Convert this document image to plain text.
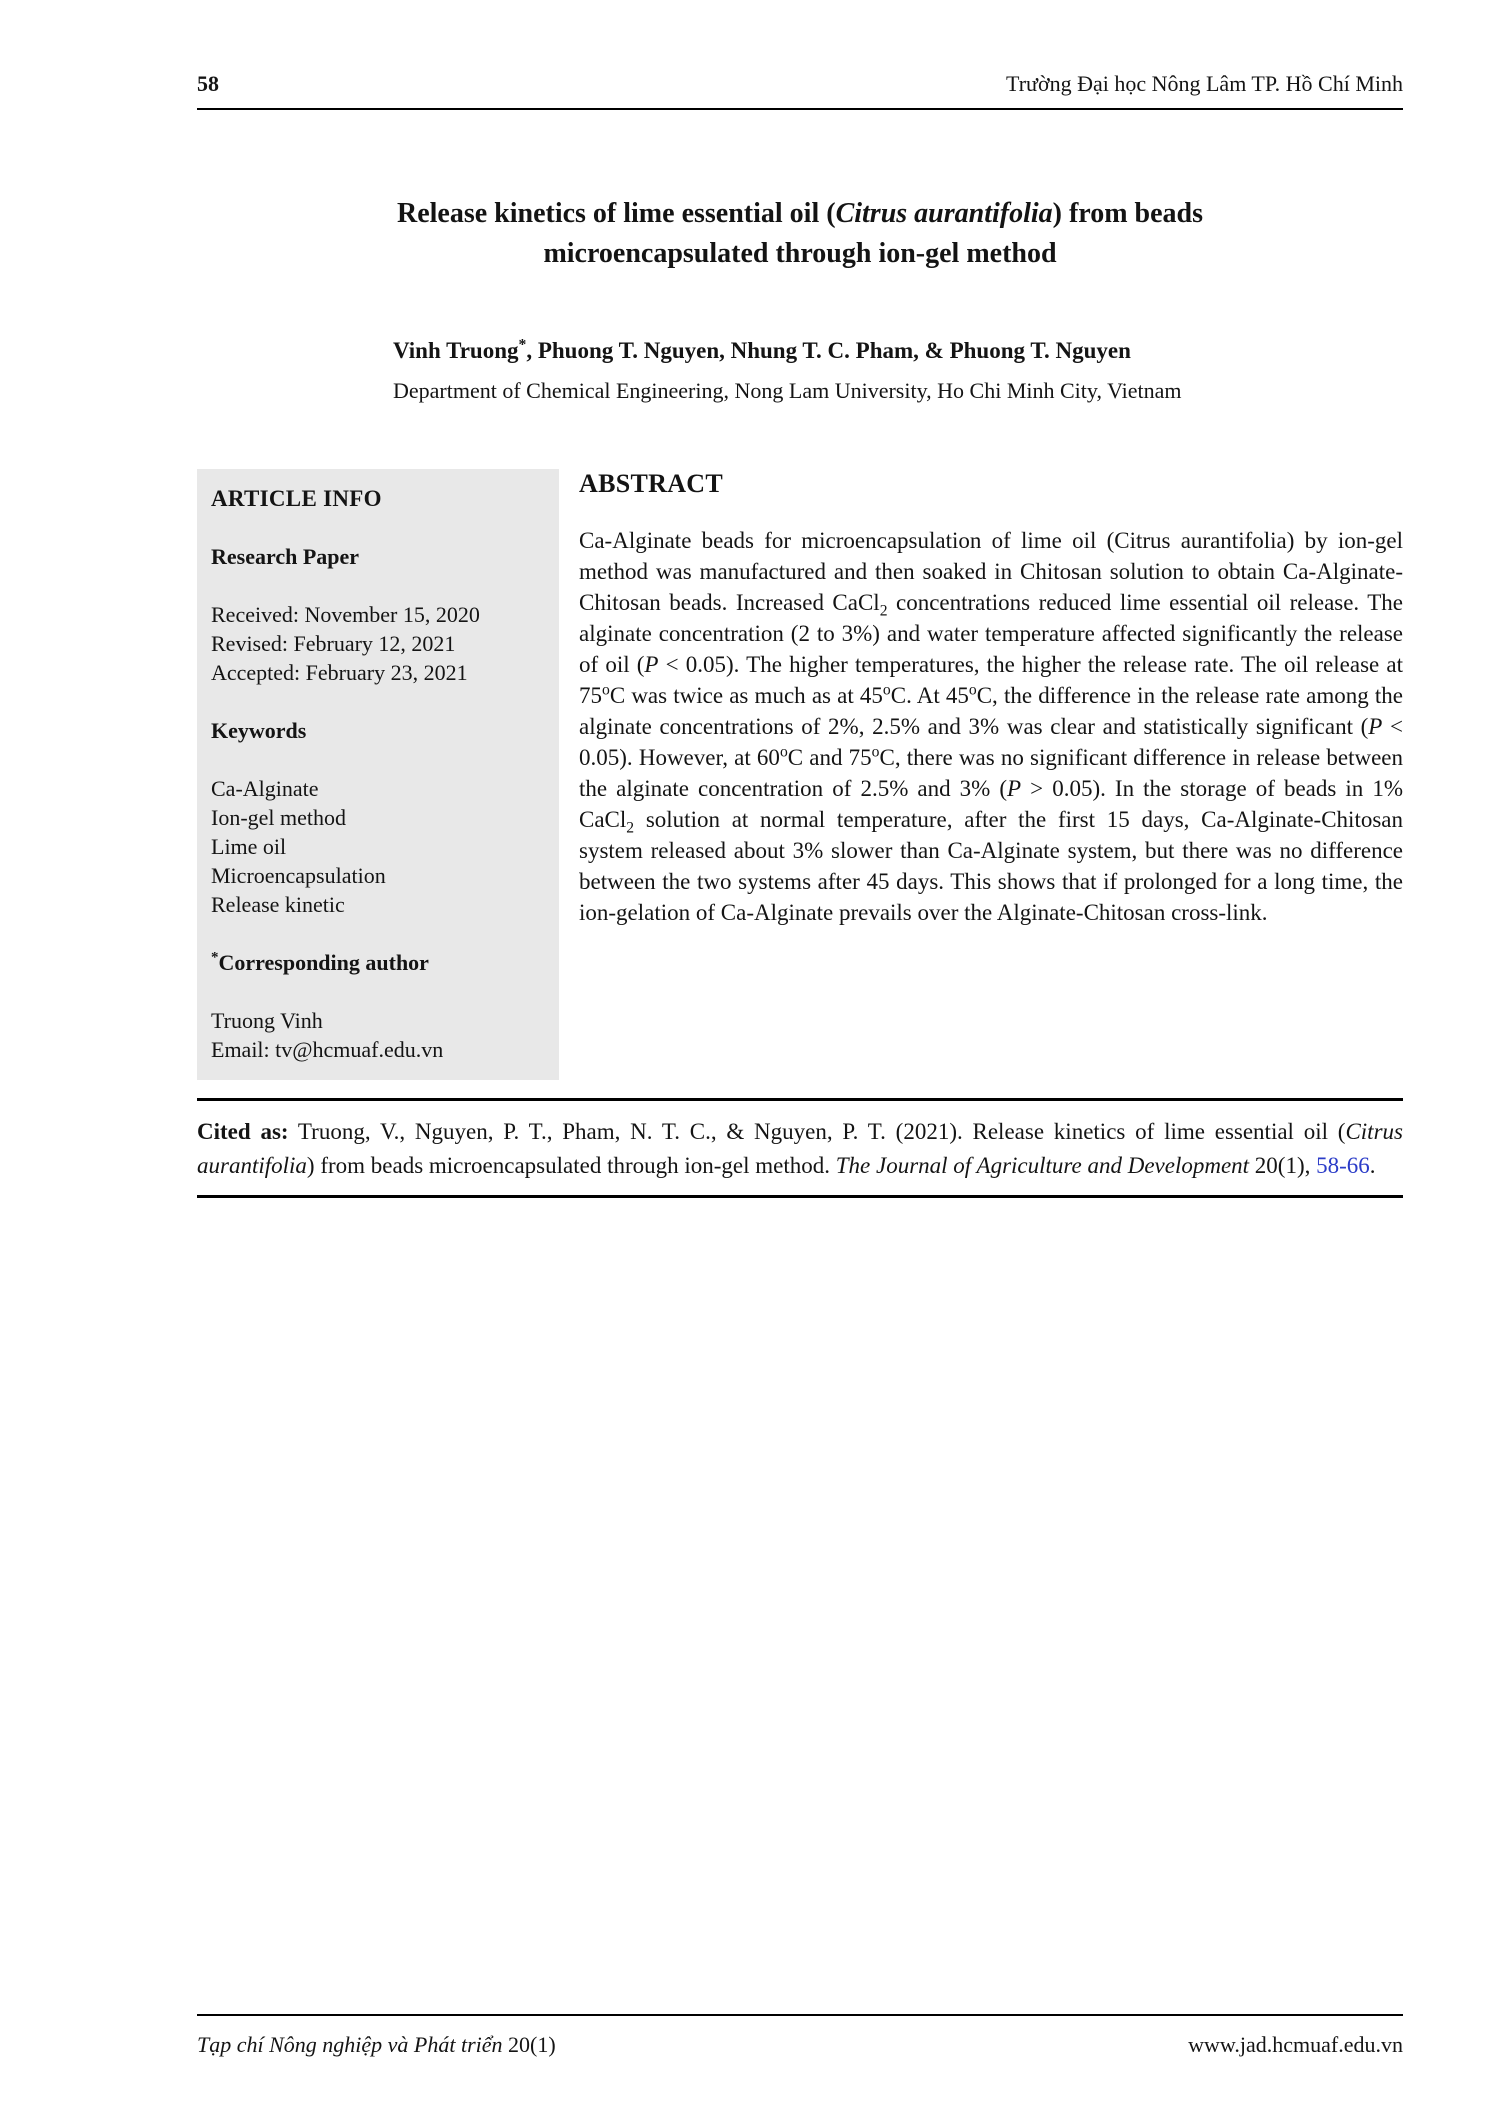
58	Trường Đại học Nông Lâm TP. Hồ Chí Minh
Release kinetics of lime essential oil (Citrus aurantifolia) from beads
microencapsulated through ion-gel method
Vinh Truong*, Phuong T. Nguyen, Nhung T. C. Pham, & Phuong T. Nguyen
Department of Chemical Engineering, Nong Lam University, Ho Chi Minh City, Vietnam
ARTICLE INFO
Research Paper
Received: November 15, 2020
Revised: February 12, 2021
Accepted: February 23, 2021
Keywords
Ca-Alginate
Ion-gel method
Lime oil
Microencapsulation
Release kinetic
*Corresponding author
Truong Vinh
Email: tv@hcmuaf.edu.vn
ABSTRACT

Ca-Alginate beads for microencapsulation of lime oil (Citrus aurantifolia) by ion-gel method was manufactured and then soaked in Chitosan solution to obtain Ca-Alginate-Chitosan beads. Increased CaCl$_2$ concentrations reduced lime essential oil release. The alginate concentration (2 to 3%) and water temperature affected significantly the release of oil (P < 0.05). The higher temperatures, the higher the release rate. The oil release at 75$^o$C was twice as much as at 45$^o$C. At 45$^o$C, the difference in the release rate among the alginate concentrations of 2%, 2.5% and 3% was clear and statistically significant (P < 0.05). However, at 60$^o$C and 75$^o$C, there was no significant difference in release between the alginate concentration of 2.5% and 3% (P > 0.05). In the storage of beads in 1% CaCl$_2$ solution at normal temperature, after the first 15 days, Ca-Alginate-Chitosan system released about 3% slower than Ca-Alginate system, but there was no difference between the two systems after 45 days. This shows that if prolonged for a long time, the ion-gelation of Ca-Alginate prevails over the Alginate-Chitosan cross-link.

Cited as: Truong, V., Nguyen, P. T., Pham, N. T. C., & Nguyen, P. T. (2021). Release kinetics of lime essential oil (Citrus aurantifolia) from beads microencapsulated through ion-gel method. The Journal of Agriculture and Development 20(1), 58-66.

Tạp chí Nông nghiệp và Phát triển 20(1)	www.jad.hcmuaf.edu.vn
